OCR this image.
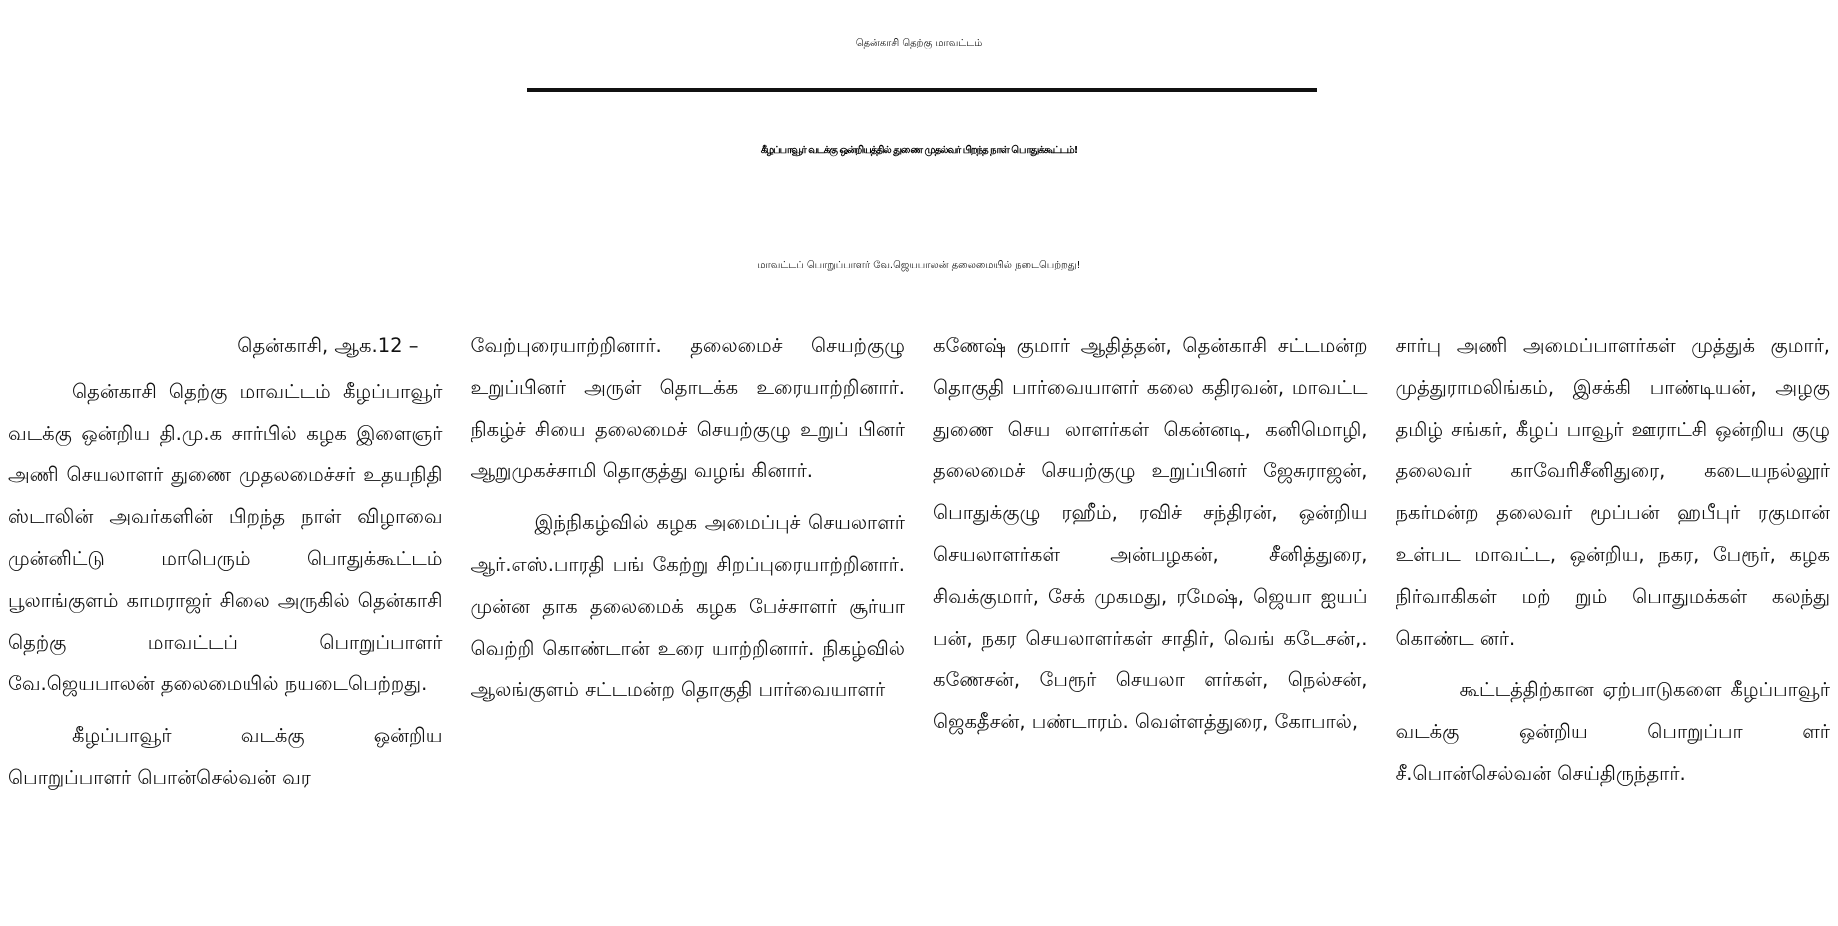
தென்காசி தெற்கு மாவட்டம்
கீழப்பாவூர் வடக்கு ஒன்றியத்தில் துணை முதல்வர் பிறந்த நாள் பொதுக்கூட்டம்!
மாவட்டப் பொறுப்பாளர் வே.ஜெயபாலன் தலைமையில் நடைபெற்றது!
தென்காசி, ஆக.12 –

தென்காசி தெற்கு மாவட்டம் கீழப்பாவூர் வடக்கு ஒன்றிய தி.மு.க சார்பில் கழக இளைஞர் அணி செயலாளர் துணை முதலமைச்சர் உதயநிதி ஸ்டாலின் அவர்களின் பிறந்த நாள் விழாவை முன்னிட்டு மாபெரும் பொதுக்கூட்டம் பூலாங்குளம் காமராஜர் சிலை அருகில் தென்காசி தெற்கு மாவட்டப் பொறுப்பாளர் வே.ஜெயபாலன் தலைமையில் நயடைபெற்றது.

கீழப்பாவூர் வடக்கு ஒன்றிய பொறுப்பாளர் பொன்செல்வன் வர

வேற்புரையாற்றினார். தலைமைச் செயற்குழு உறுப்பினர் அருள் தொடக்க உரையாற்றினார். நிகழ்ச் சியை தலைமைச் செயற்குழு உறுப் பினர் ஆறுமுகச்சாமி தொகுத்து வழங் கினார்.

இந்நிகழ்வில் கழக அமைப்புச் செயலாளர் ஆர்.எஸ்.பாரதி பங் கேற்று சிறப்புரையாற்றினார். முன்ன தாக தலைமைக் கழக பேச்சாளர் சூர்யா வெற்றி கொண்டான் உரை யாற்றினார். நிகழ்வில் ஆலங்குளம் சட்டமன்ற தொகுதி பார்வையாளர்

கணேஷ் குமார் ஆதித்தன், தென்காசி சட்டமன்ற தொகுதி பார்வையாளர் கலை கதிரவன், மாவட்ட துணை செய லாளர்கள் கென்னடி, கனிமொழி, தலைமைச் செயற்குழு உறுப்பினர் ஜேசுராஜன், பொதுக்குழு ரஹீம், ரவிச் சந்திரன், ஒன்றிய செயலாளர்கள் அன்பழகன், சீனித்துரை, சிவக்குமார், சேக் முகமது, ரமேஷ், ஜெயா ஐயப் பன், நகர செயலாளர்கள் சாதிர், வெங் கடேசன்,. கணேசன், பேரூர் செயலா ளர்கள், நெல்சன், ஜெகதீசன், பண்டாரம். வெள்ளத்துரை, கோபால்,

சார்பு அணி அமைப்பாளர்கள் முத்துக் குமார், முத்துராமலிங்கம், இசக்கி பாண்டியன், அழகு தமிழ் சங்கர், கீழப் பாவூர் ஊராட்சி ஒன்றிய குழு தலைவர் காவேரிசீனிதுரை, கடையநல்லூர் நகர்மன்ற தலைவர் மூப்பன் ஹபீபுர் ரகுமான் உள்பட மாவட்ட, ஒன்றிய, நகர, பேரூர், கழக நிர்வாகிகள் மற் றும் பொதுமக்கள் கலந்து கொண்ட னர்.

கூட்டத்திற்கான ஏற்பாடுகளை கீழப்பாவூர் வடக்கு ஒன்றிய பொறுப்பா ளர் சீ.பொன்செல்வன் செய்திருந்தார்.
